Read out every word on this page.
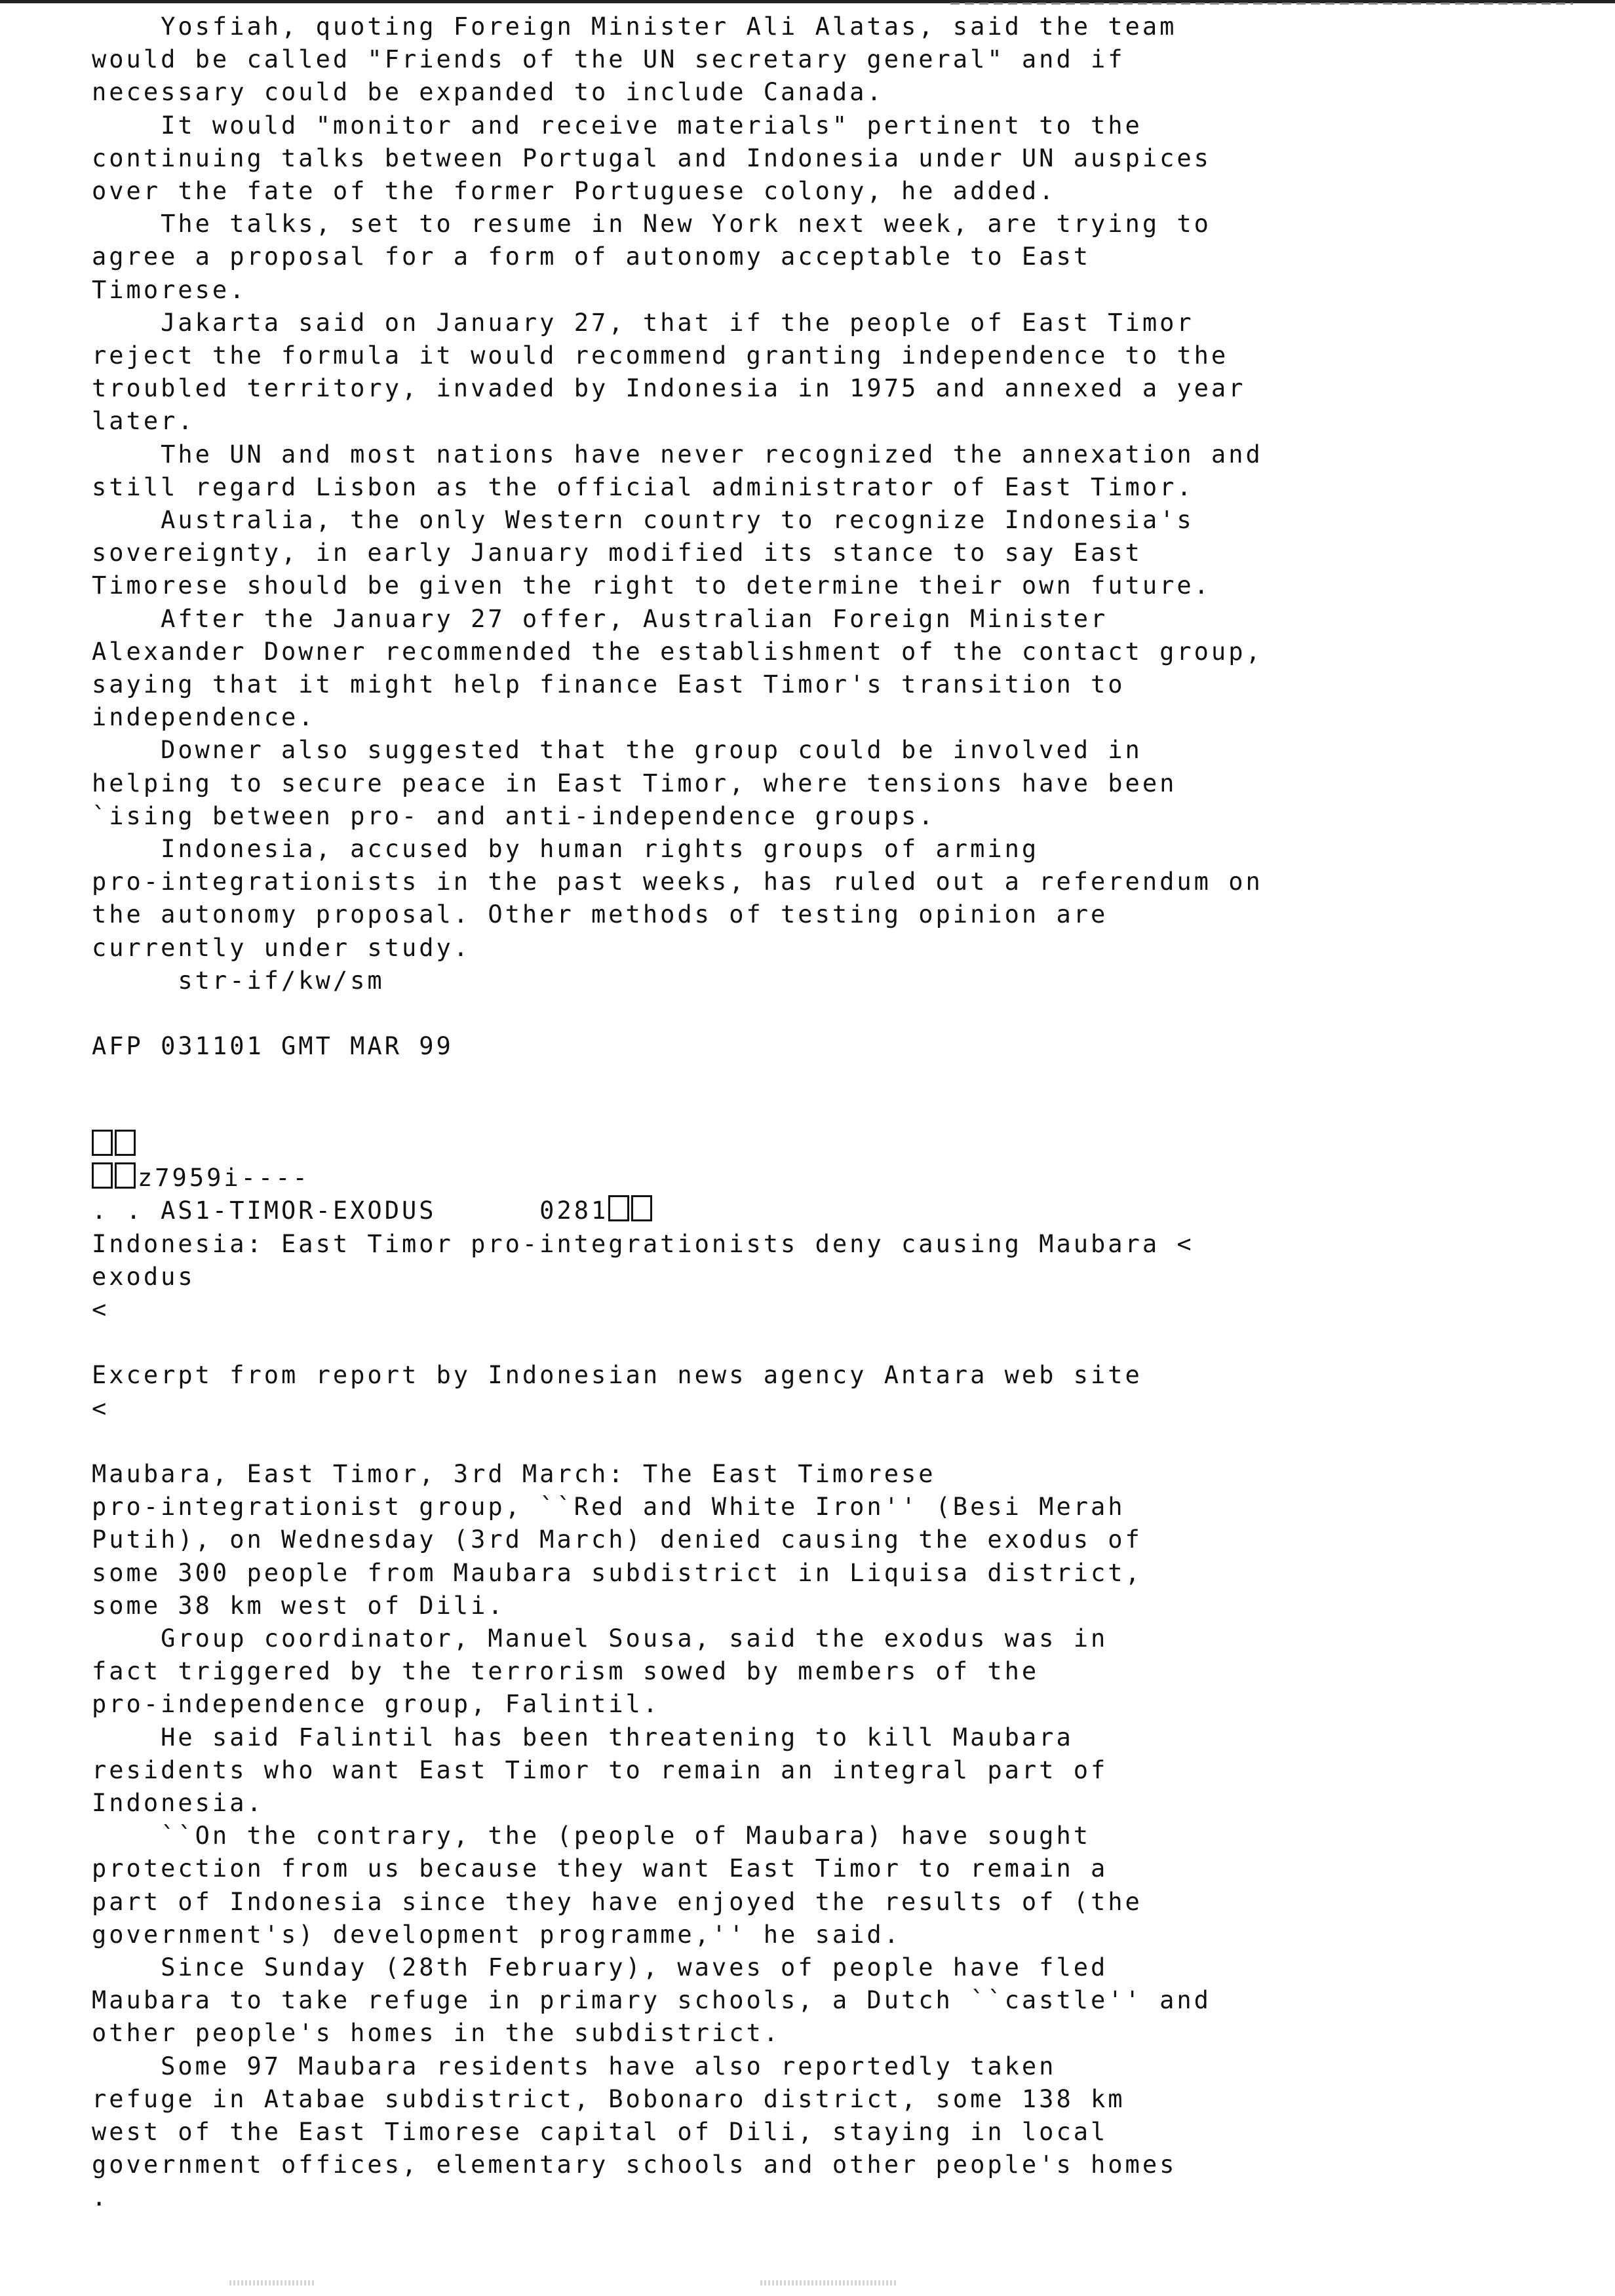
Yosfiah, quoting Foreign Minister Ali Alatas, said the team
would be called "Friends of the UN secretary general" and if
necessary could be expanded to include Canada.
It would "monitor and receive materials" pertinent to the
continuing talks between Portugal and Indonesia under UN auspices
over the fate of the former Portuguese colony, he added.
The talks, set to resume in New York next week, are trying to
agree a proposal for a form of autonomy acceptable to East
Timorese.
Jakarta said on January 27, that if the people of East Timor
reject the formula it would recommend granting independence to the
troubled territory, invaded by Indonesia in 1975 and annexed a year
later.
The UN and most nations have never recognized the annexation and
still regard Lisbon as the official administrator of East Timor.
Australia, the only Western country to recognize Indonesia's
sovereignty, in early January modified its stance to say East
Timorese should be given the right to determine their own future.
After the January 27 offer, Australian Foreign Minister
Alexander Downer recommended the establishment of the contact group,
saying that it might help finance East Timor's transition to
independence.
Downer also suggested that the group could be involved in
helping to secure peace in East Timor, where tensions have been
`ising between pro- and anti-independence groups.
Indonesia, accused by human rights groups of arming
pro-integrationists in the past weeks, has ruled out a referendum on
the autonomy proposal. Other methods of testing opinion are
currently under study.
str-if/kw/sm

AFP 031101 GMT MAR 99

z7959i----
. . AS1-TIMOR-EXODUS      0281
Indonesia: East Timor pro-integrationists deny causing Maubara <
exodus
<

Excerpt from report by Indonesian news agency Antara web site
<

Maubara, East Timor, 3rd March: The East Timorese
pro-integrationist group, ``Red and White Iron'' (Besi Merah
Putih), on Wednesday (3rd March) denied causing the exodus of
some 300 people from Maubara subdistrict in Liquisa district,
some 38 km west of Dili.
Group coordinator, Manuel Sousa, said the exodus was in
fact triggered by the terrorism sowed by members of the
pro-independence group, Falintil.
He said Falintil has been threatening to kill Maubara
residents who want East Timor to remain an integral part of
Indonesia.
``On the contrary, the (people of Maubara) have sought
protection from us because they want East Timor to remain a
part of Indonesia since they have enjoyed the results of (the
government's) development programme,'' he said.
Since Sunday (28th February), waves of people have fled
Maubara to take refuge in primary schools, a Dutch ``castle'' and
other people's homes in the subdistrict.
Some 97 Maubara residents have also reportedly taken
refuge in Atabae subdistrict, Bobonaro district, some 138 km
west of the East Timorese capital of Dili, staying in local
government offices, elementary schools and other people's homes
.
